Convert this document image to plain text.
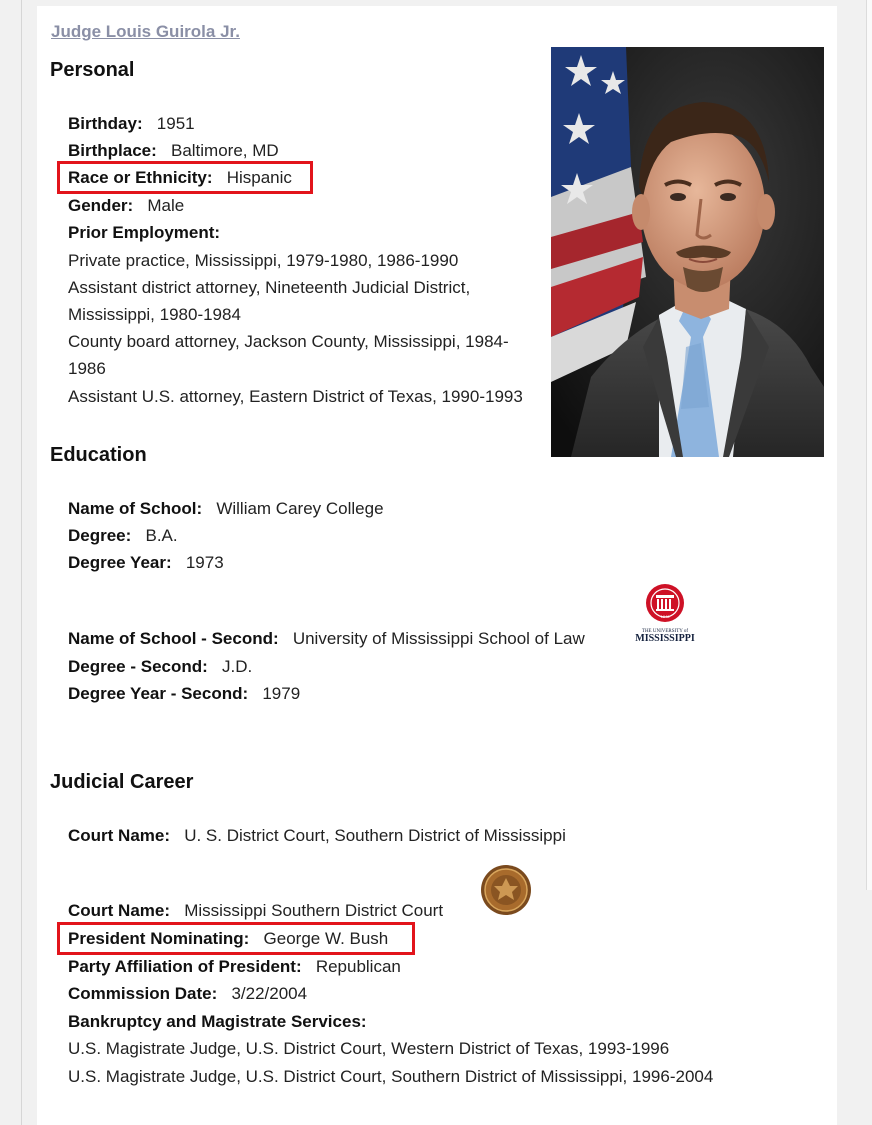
Judge Louis Guirola Jr.
Personal
Birthday:   1951
Birthplace:   Baltimore, MD
Race or Ethnicity:   Hispanic
Gender:   Male
Prior Employment:
Private practice, Mississippi, 1979-1980, 1986-1990
Assistant district attorney, Nineteenth Judicial District,
Mississippi, 1980-1984
County board attorney, Jackson County, Mississippi, 1984-
1986
Assistant U.S. attorney, Eastern District of Texas, 1990-1993
Education
Name of School:   William Carey College
Degree:   B.A.
Degree Year:   1973
Name of School - Second:   University of Mississippi School of Law
Degree - Second:   J.D.
Degree Year - Second:   1979
1848
THE UNIVERSITY of
MISSISSIPPI
Judicial Career
Court Name:   U. S. District Court, Southern District of Mississippi
Court Name:   Mississippi Southern District Court
President Nominating:   George W. Bush
Party Affiliation of President:   Republican
Commission Date:   3/22/2004
Bankruptcy and Magistrate Services:
U.S. Magistrate Judge, U.S. District Court, Western District of Texas, 1993-1996
U.S. Magistrate Judge, U.S. District Court, Southern District of Mississippi, 1996-2004
